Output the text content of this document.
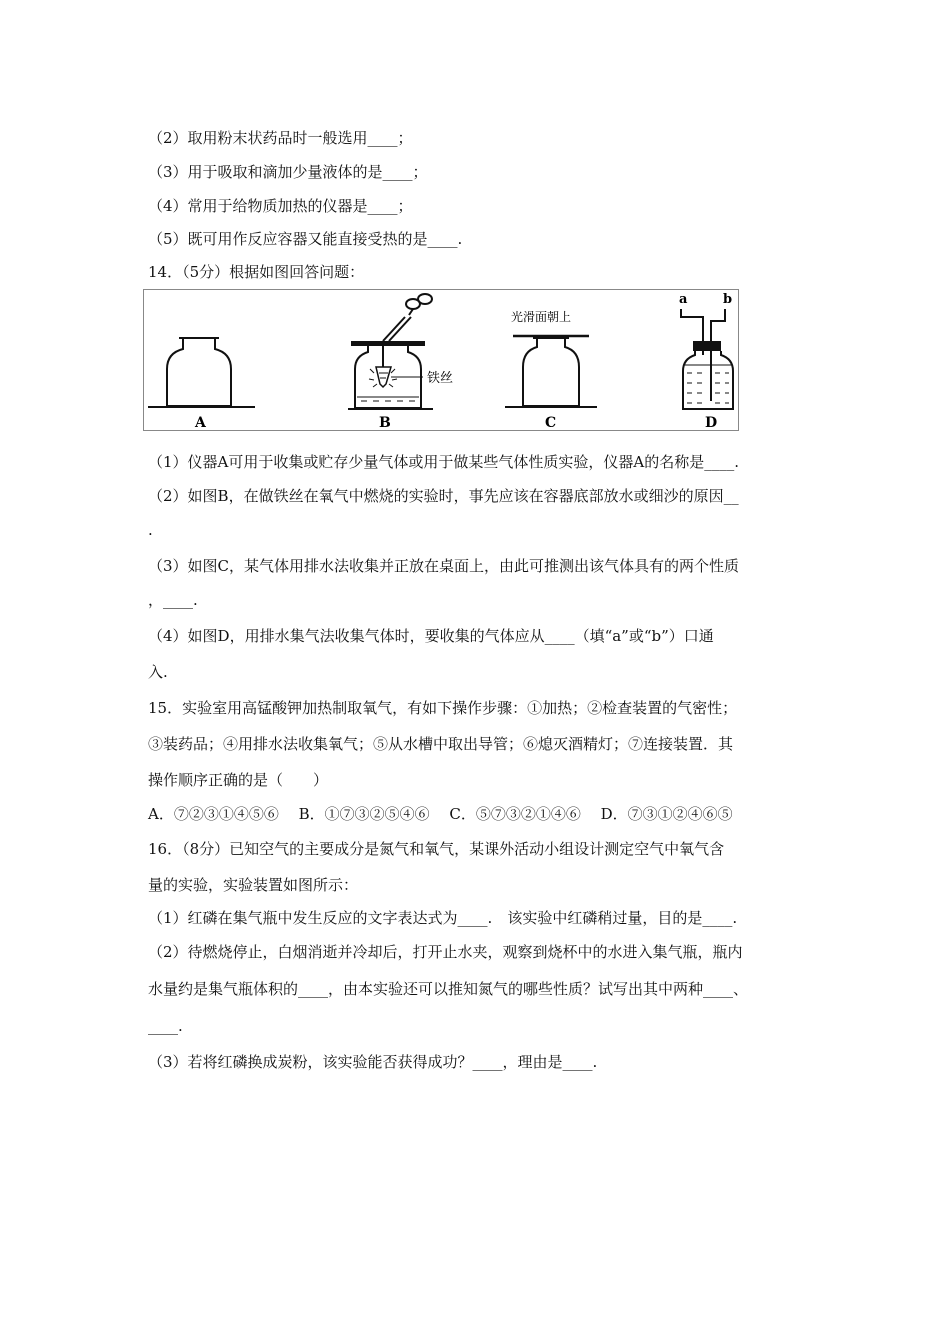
（2）取用粉末状药品时一般选用____；
（3）用于吸取和滴加少量液体的是____；
（4）常用于给物质加热的仪器是____；
（5）既可用作反应容器又能直接受热的是____.
14．（5分）根据如图回答问题：
A
铁丝
B
光滑面朝上
C
a	b
D
（1）仪器A可用于收集或贮存少量气体或用于做某些气体性质实验，仪器A的名称是____.
（2）如图B，在做铁丝在氧气中燃烧的实验时，事先应该在容器底部放水或细沙的原因__
.
（3）如图C，某气体用排水法收集并正放在桌面上，由此可推测出该气体具有的两个性质
，____.
（4）如图D，用排水集气法收集气体时，要收集的气体应从____（填“a”或“b”）口通
入.
15．实验室用高锰酸钾加热制取氧气，有如下操作步骤：①加热；②检查装置的气密性；
③装药品；④用排水法收集氧气；⑤从水槽中取出导管；⑥熄灭酒精灯；⑦连接装置．其
操作顺序正确的是（　　）
A．⑦②③①④⑤⑥　 B．①⑦③②⑤④⑥　 C．⑤⑦③②①④⑥　 D．⑦③①②④⑥⑤
16．（8分）已知空气的主要成分是氮气和氧气，某课外活动小组设计测定空气中氧气含
量的实验，实验装置如图所示：
（1）红磷在集气瓶中发生反应的文字表达式为____.　该实验中红磷稍过量，目的是____.
（2）待燃烧停止，白烟消逝并冷却后，打开止水夹，观察到烧杯中的水进入集气瓶，瓶内
水量约是集气瓶体积的____，由本实验还可以推知氮气的哪些性质？试写出其中两种____、
____.
（3）若将红磷换成炭粉，该实验能否获得成功？____，理由是____.
